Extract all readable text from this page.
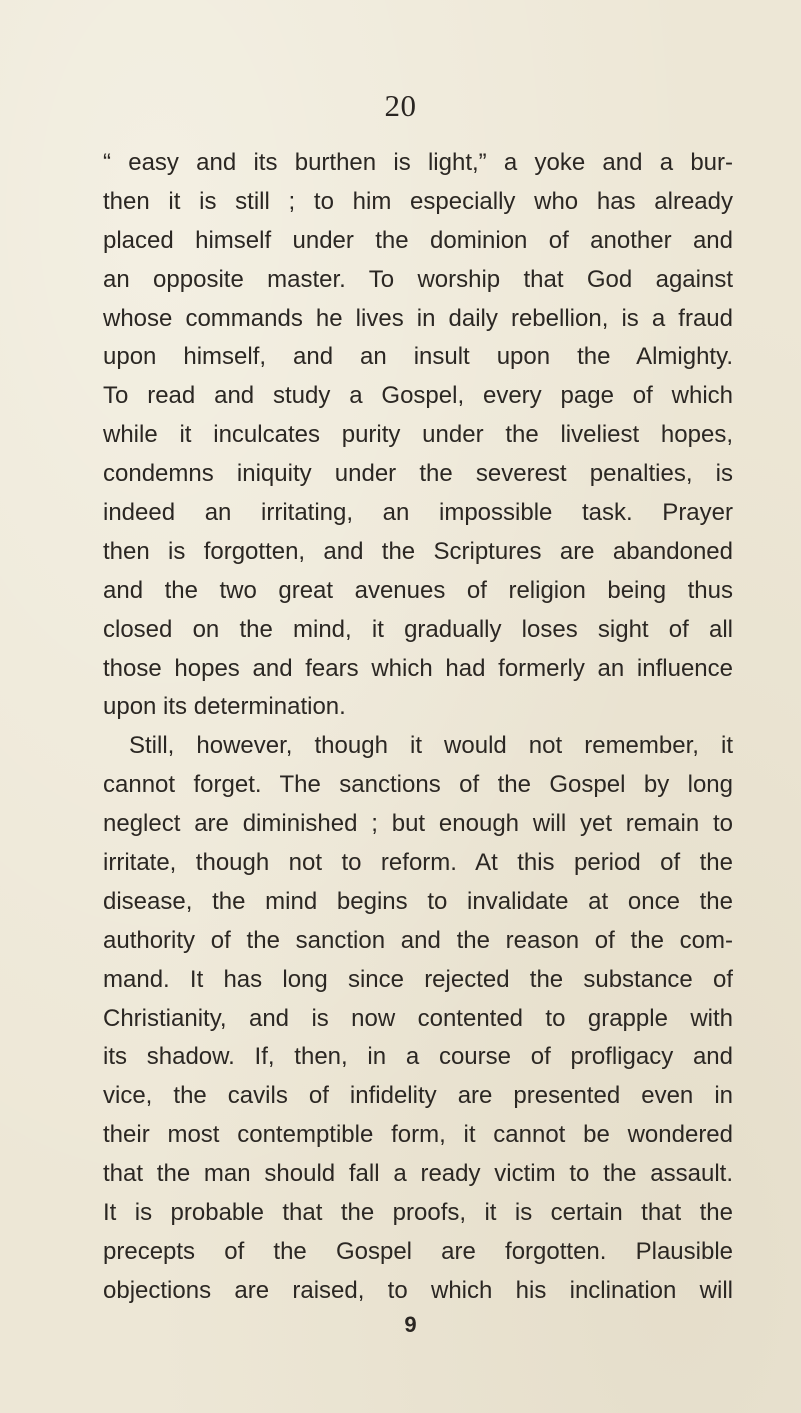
20
“ easy and its burthen is light,” a yoke and a bur-
then it is still ; to him especially who has already
placed himself under the dominion of another and
an opposite master. To worship that God against
whose commands he lives in daily rebellion, is a fraud
upon himself, and an insult upon the Almighty.
To read and study a Gospel, every page of which
while it inculcates purity under the liveliest hopes,
condemns iniquity under the severest penalties, is
indeed an irritating, an impossible task. Prayer
then is forgotten, and the Scriptures are abandoned
and the two great avenues of religion being thus
closed on the mind, it gradually loses sight of all
those hopes and fears which had formerly an influence
upon its determination.
Still, however, though it would not remember, it
cannot forget. The sanctions of the Gospel by long
neglect are diminished ; but enough will yet remain to
irritate, though not to reform. At this period of the
disease, the mind begins to invalidate at once the
authority of the sanction and the reason of the com-
mand. It has long since rejected the substance of
Christianity, and is now contented to grapple with
its shadow. If, then, in a course of profligacy and
vice, the cavils of infidelity are presented even in
their most contemptible form, it cannot be wondered
that the man should fall a ready victim to the assault.
It is probable that the proofs, it is certain that the
precepts of the Gospel are forgotten. Plausible
objections are raised, to which his inclination will
9
